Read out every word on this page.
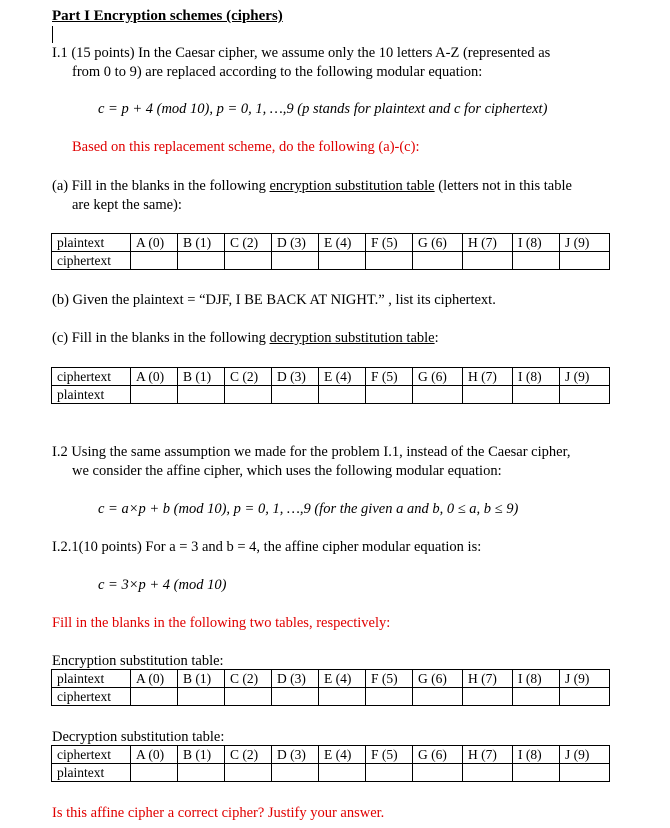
Part I Encryption schemes (ciphers)
I.1 (15 points) In the Caesar cipher, we assume only the 10 letters A-Z (represented as
from 0 to 9) are replaced according to the following modular equation:
c = p + 4 (mod 10), p = 0, 1, …,9 (p stands for plaintext and c for ciphertext)
Based on this replacement scheme, do the following (a)-(c):
(a) Fill in the blanks in the following encryption substitution table (letters not in this table
are kept the same):
plaintext	A (0)	B (1)	C (2)	D (3)	E (4)	F (5)	G (6)	H (7)	I (8)	J (9)
ciphertext										
(b) Given the plaintext = “DJF, I BE BACK AT NIGHT.” , list its ciphertext.
(c) Fill in the blanks in the following decryption substitution table:
ciphertext	A (0)	B (1)	C (2)	D (3)	E (4)	F (5)	G (6)	H (7)	I (8)	J (9)
plaintext										
I.2 Using the same assumption we made for the problem I.1, instead of the Caesar cipher,
we consider the affine cipher, which uses the following modular equation:
c = a×p + b (mod 10), p = 0, 1, …,9 (for the given a and b, 0 ≤ a, b ≤ 9)
I.2.1(10 points) For a = 3 and b = 4, the affine cipher modular equation is:
c = 3×p + 4 (mod 10)
Fill in the blanks in the following two tables, respectively:
Encryption substitution table:
plaintext	A (0)	B (1)	C (2)	D (3)	E (4)	F (5)	G (6)	H (7)	I (8)	J (9)
ciphertext										
Decryption substitution table:
ciphertext	A (0)	B (1)	C (2)	D (3)	E (4)	F (5)	G (6)	H (7)	I (8)	J (9)
plaintext										
Is this affine cipher a correct cipher? Justify your answer.
